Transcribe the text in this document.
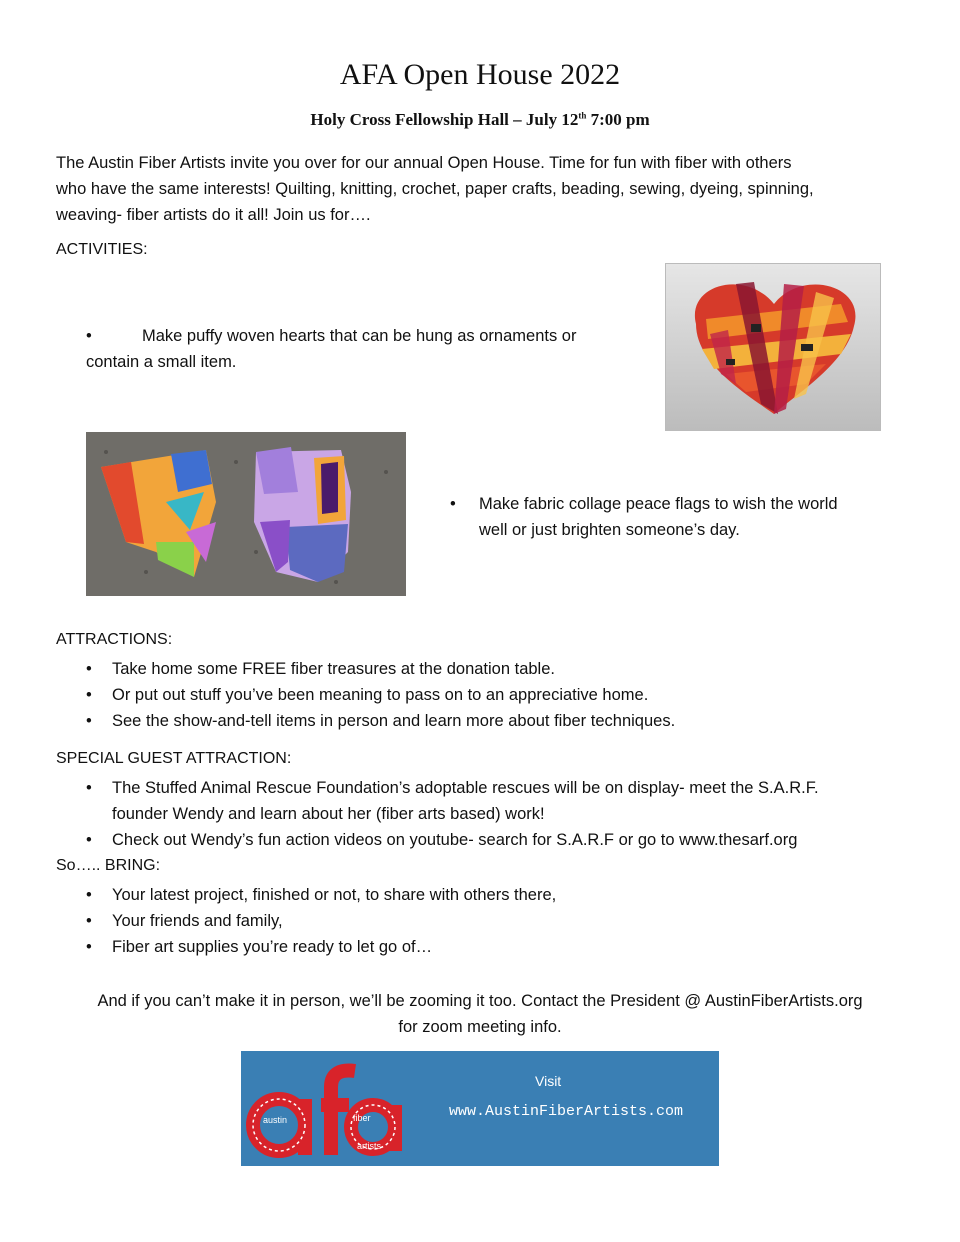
AFA Open House 2022
Holy Cross Fellowship Hall – July 12th 7:00 pm
The Austin Fiber Artists invite you over for our annual Open House. Time for fun with fiber with others
who have the same interests! Quilting, knitting, crochet, paper crafts, beading, sewing, dyeing, spinning,
weaving- fiber artists do it all! Join us for….
ACTIVITIES:
•	Make puffy woven hearts that can be hung as ornaments or
contain a small item.
• Make fabric collage peace flags to wish the world
well or just brighten someone’s day.
ATTRACTIONS:
• Take home some FREE fiber treasures at the donation table.
• Or put out stuff you’ve been meaning to pass on to an appreciative home.
• See the show-and-tell items in person and learn more about fiber techniques.
SPECIAL GUEST ATTRACTION:
• The Stuffed Animal Rescue Foundation’s adoptable rescues will be on display- meet the S.A.R.F.
founder Wendy and learn about her (fiber arts based) work!
• Check out Wendy’s fun action videos on youtube- search for S.A.R.F or go to www.thesarf.org
So….. BRING:
• Your latest project, finished or not, to share with others there,
• Your friends and family,
• Fiber art supplies you’re ready to let go of…
And if you can’t make it in person, we’ll be zooming it too. Contact the President @ AustinFiberArtists.org
for zoom meeting info.
austin	fiber
artists
Visit
www.AustinFiberArtists.com
